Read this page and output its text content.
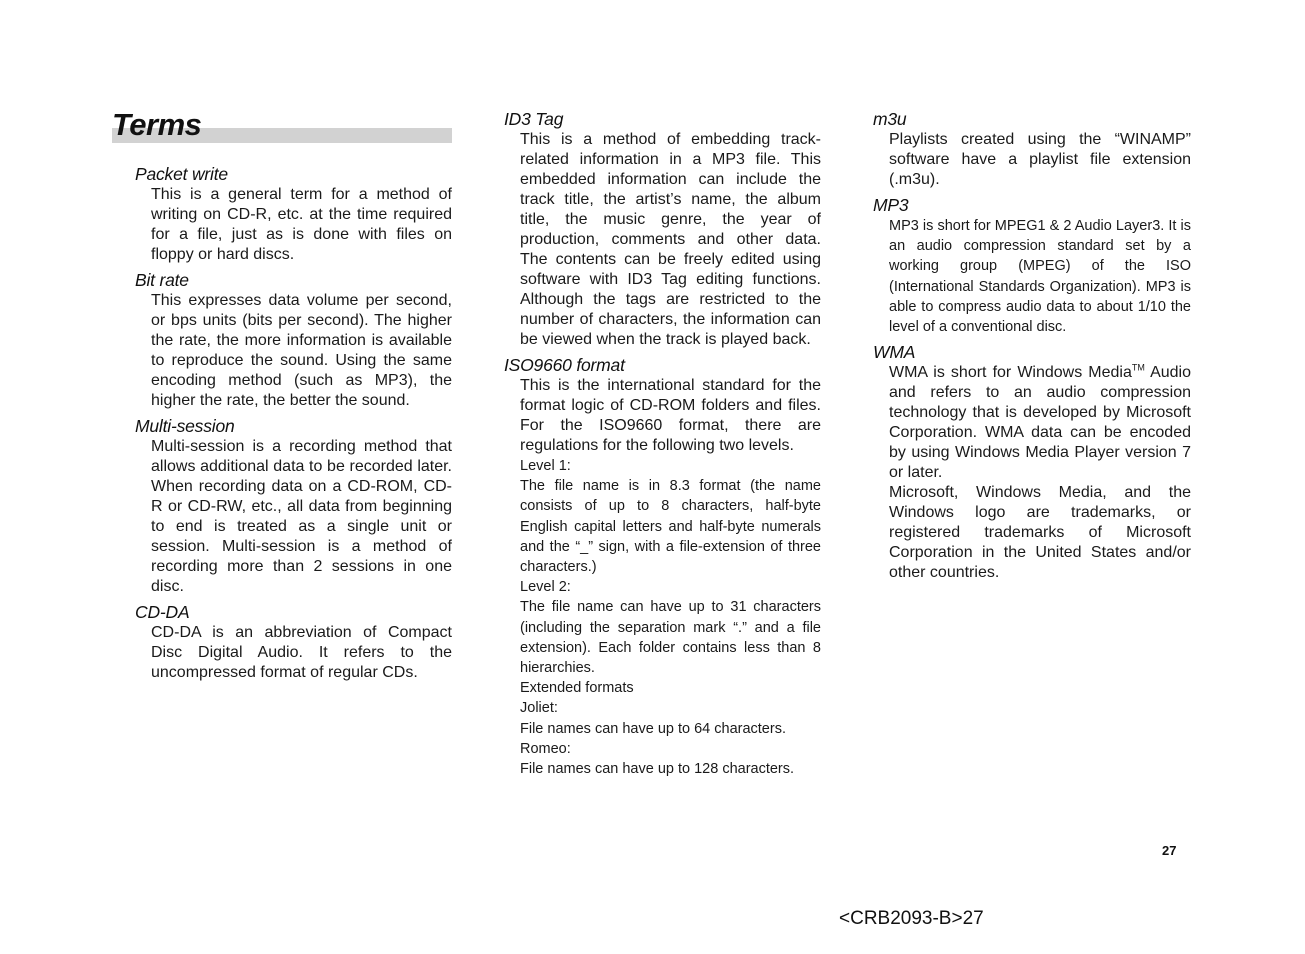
Terms
Packet write
This is a general term for a method of writing on CD-R, etc. at the time required for a file, just as is done with files on floppy or hard discs.
Bit rate
This expresses data volume per second, or bps units (bits per second). The higher the rate, the more information is available to reproduce the sound. Using the same encoding method (such as MP3), the higher the rate, the better the sound.
Multi-session
Multi-session is a recording method that allows additional data to be recorded later. When recording data on a CD-ROM, CD-R or CD-RW, etc., all data from beginning to end is treated as a single unit or session. Multi-session is a method of recording more than 2 sessions in one disc.
CD-DA
CD-DA is an abbreviation of Compact Disc Digital Audio. It refers to the uncompressed format of regular CDs.
ID3 Tag
This is a method of embedding track-related information in a MP3 file. This embedded information can include the track title, the artist’s name, the album title, the music genre, the year of production, comments and other data. The contents can be freely edited using software with ID3 Tag editing functions. Although the tags are restricted to the number of characters, the information can be viewed when the track is played back.
ISO9660 format
This is the international standard for the format logic of CD-ROM folders and files. For the ISO9660 format, there are regulations for the following two levels.

Level 1:

The file name is in 8.3 format (the name consists of up to 8 characters, half-byte English capital letters and half-byte numerals and the “_” sign, with a file-extension of three characters.)

Level 2:

The file name can have up to 31 characters (including the separation mark “.” and a file extension). Each folder contains less than 8 hierarchies.

Extended formats

Joliet:

File names can have up to 64 characters.

Romeo:

File names can have up to 128 characters.

m3u
Playlists created using the “WINAMP” software have a playlist file extension (.m3u).
MP3
MP3 is short for MPEG1 & 2 Audio Layer3. It is an audio compression standard set by a working group (MPEG) of the ISO (International Standards Organization). MP3 is able to compress audio data to about 1/10 the level of a conventional disc.
WMA

WMA is short for Windows Media™ Audio and refers to an audio compression technology that is developed by Microsoft Corporation. WMA data can be encoded by using Windows Media Player version 7 or later.

Microsoft, Windows Media, and the Windows logo are trademarks, or registered trademarks of Microsoft Corporation in the United States and/or other countries.

27
<CRB2093-B>27
